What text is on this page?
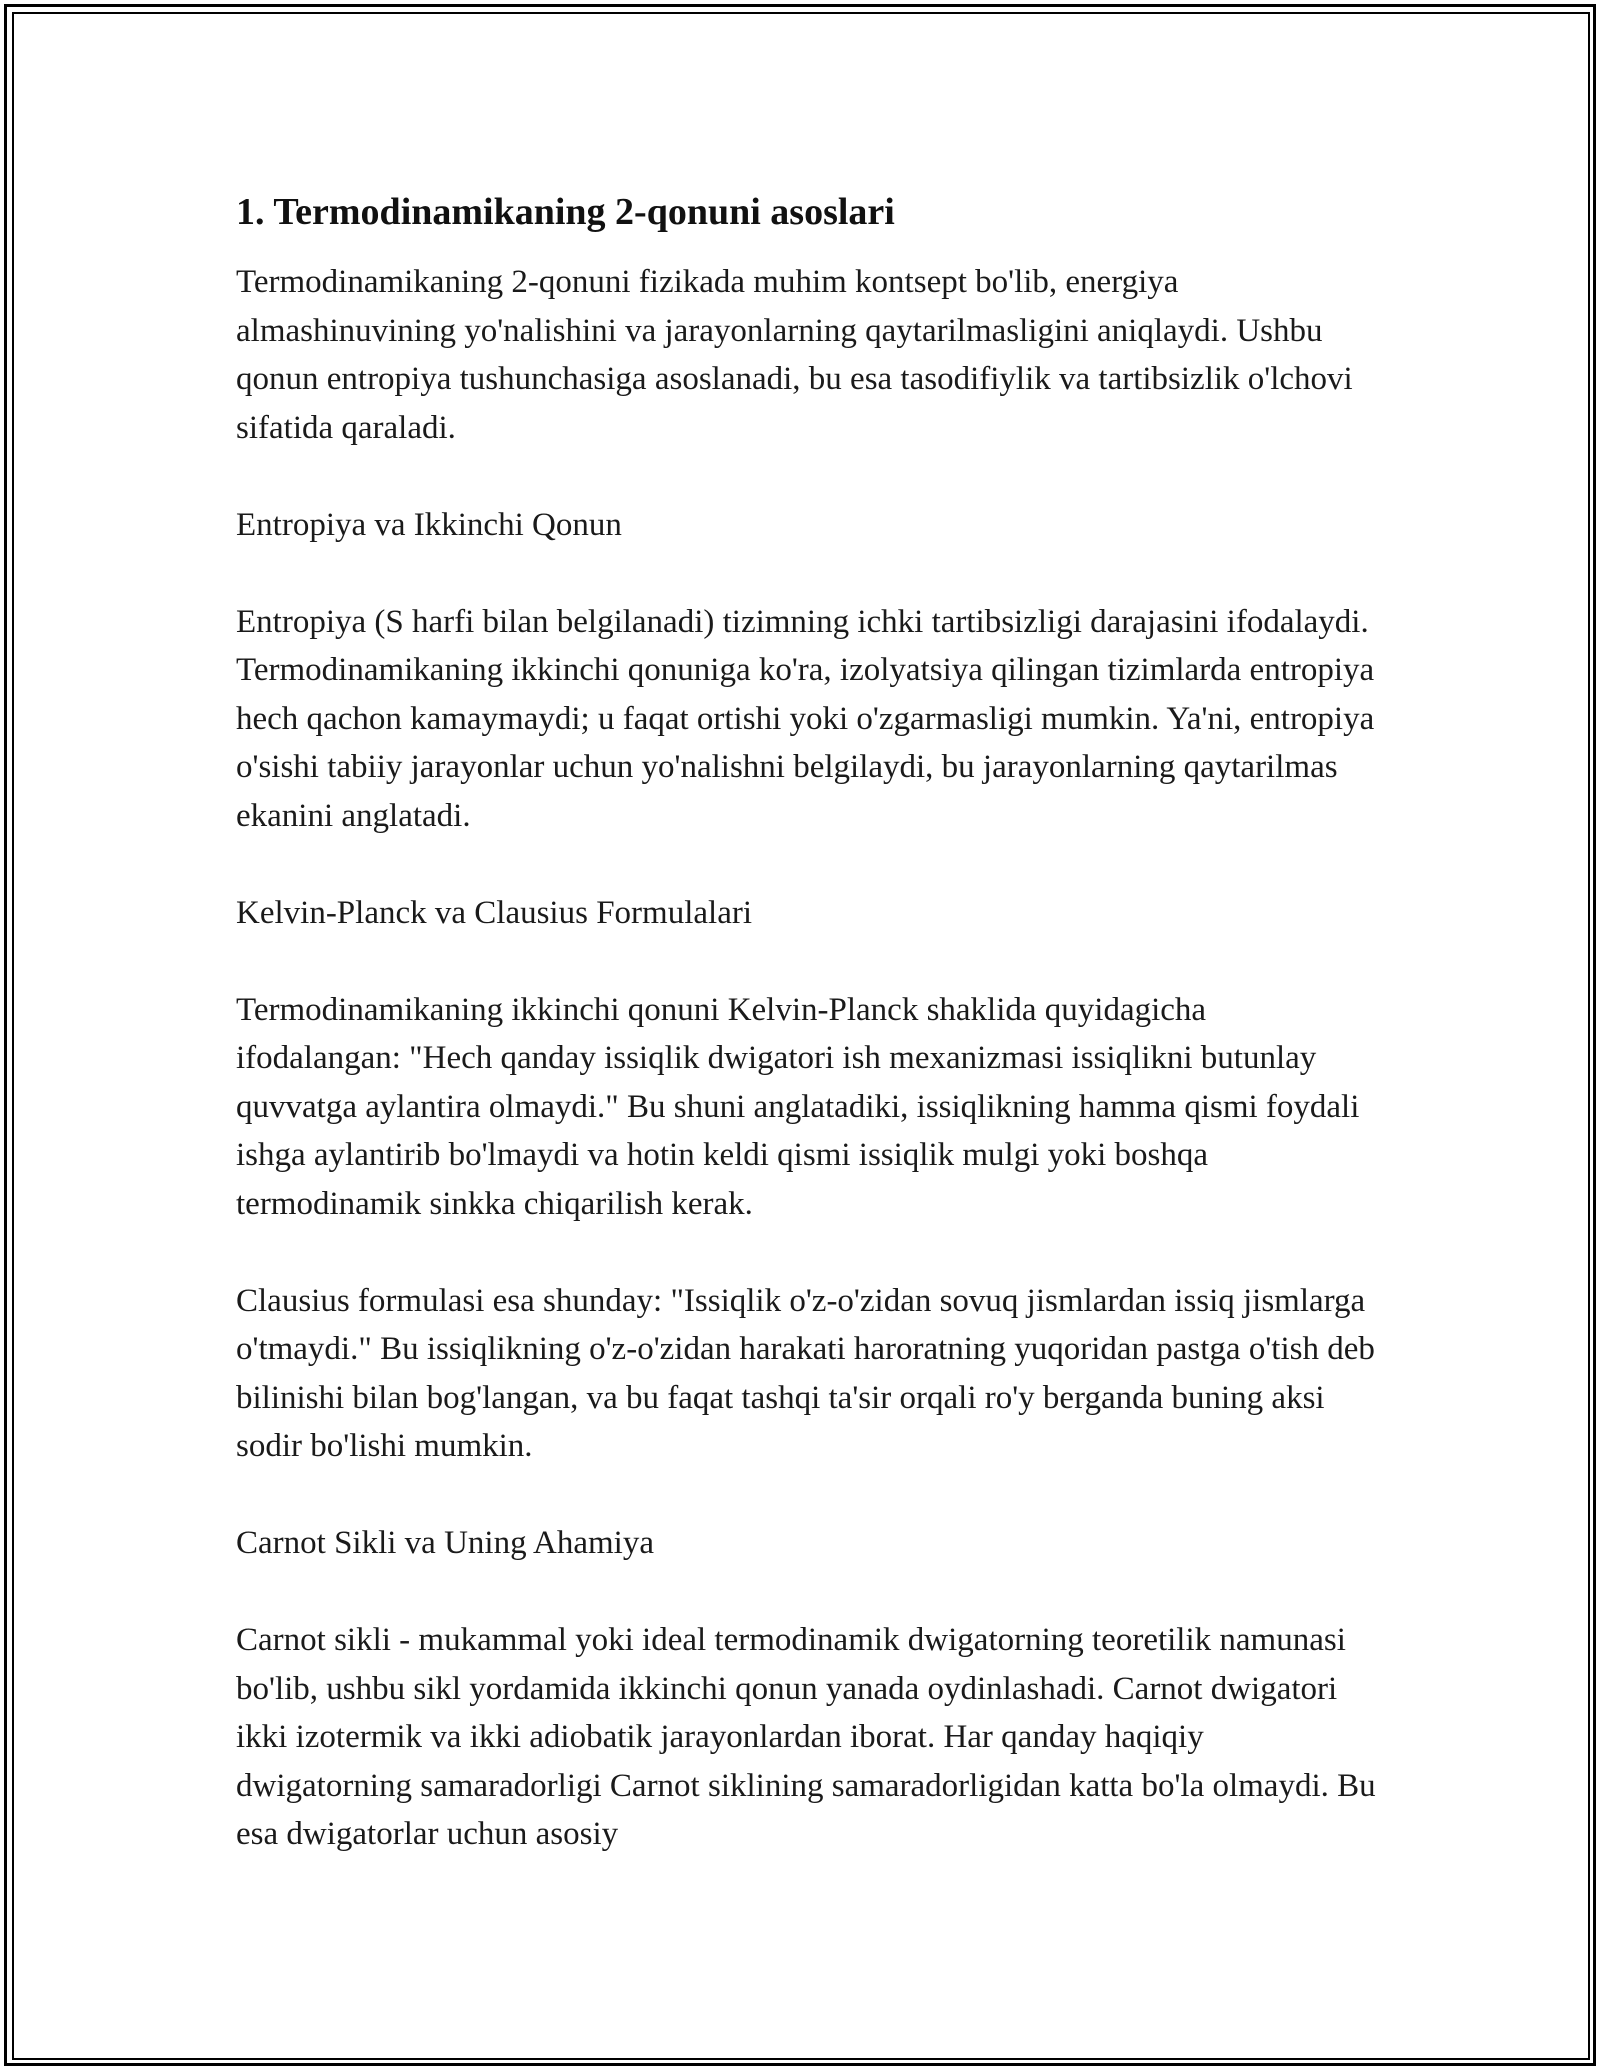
1. Termodinamikaning 2-qonuni asoslari

Termodinamikaning 2-qonuni fizikada muhim kontsept bo'lib, energiya almashinuvining yo'nalishini va jarayonlarning qaytarilmasligini aniqlaydi. Ushbu qonun entropiya tushunchasiga asoslanadi, bu esa tasodifiylik va tartibsizlik o'lchovi sifatida qaraladi.

Entropiya va Ikkinchi Qonun

Entropiya (S harfi bilan belgilanadi) tizimning ichki tartibsizligi darajasini ifodalaydi. Termodinamikaning ikkinchi qonuniga ko'ra, izolyatsiya qilingan tizimlarda entropiya hech qachon kamaymaydi; u faqat ortishi yoki o'zgarmasligi mumkin. Ya'ni, entropiya o'sishi tabiiy jarayonlar uchun yo'nalishni belgilaydi, bu jarayonlarning qaytarilmas ekanini anglatadi.

Kelvin-Planck va Clausius Formulalari

Termodinamikaning ikkinchi qonuni Kelvin-Planck shaklida quyidagicha ifodalangan: "Hech qanday issiqlik dwigatori ish mexanizmasi issiqlikni butunlay quvvatga aylantira olmaydi." Bu shuni anglatadiki, issiqlikning hamma qismi foydali ishga aylantirib bo'lmaydi va hotin keldi qismi issiqlik mulgi yoki boshqa termodinamik sinkka chiqarilish kerak.

Clausius formulasi esa shunday: "Issiqlik o'z-o'zidan sovuq jismlardan issiq jismlarga o'tmaydi." Bu issiqlikning o'z-o'zidan harakati haroratning yuqoridan pastga o'tish deb bilinishi bilan bog'langan, va bu faqat tashqi ta'sir orqali ro'y berganda buning aksi sodir bo'lishi mumkin.

Carnot Sikli va Uning Ahamiya

Carnot sikli - mukammal yoki ideal termodinamik dwigatorning teoretilik namunasi bo'lib, ushbu sikl yordamida ikkinchi qonun yanada oydinlashadi. Carnot dwigatori ikki izotermik va ikki adiobatik jarayonlardan iborat. Har qanday haqiqiy dwigatorning samaradorligi Carnot siklining samaradorligidan katta bo'la olmaydi. Bu esa dwigatorlar uchun asosiy
